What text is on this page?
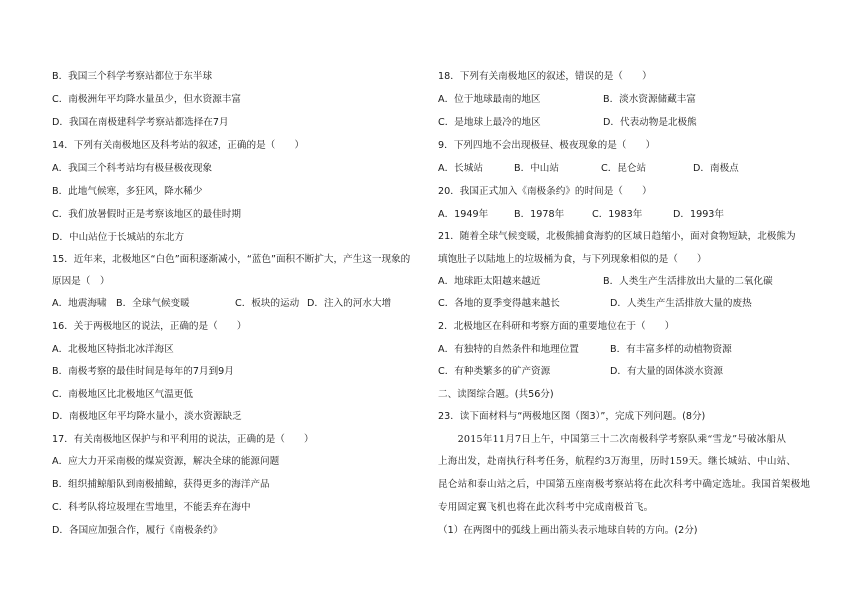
B．我国三个科学考察站都位于东半球
C．南极洲年平均降水量虽少，但水资源丰富
D．我国在南极建科学考察站都选择在7月
14．下列有关南极地区及科考站的叙述，正确的是（　　）
A．我国三个科考站均有极昼极夜现象
B．此地气候寒，多狂风，降水稀少
C．我们放暑假时正是考察该地区的最佳时期
D．中山站位于长城站的东北方
15．近年来，北极地区“白色”面积逐渐减小，“蓝色”面积不断扩大，产生这一现象的
原因是（　）
A．地震海啸 B．全球气候变暖	C．板块的运动 D．注入的河水大增
16．关于两极地区的说法，正确的是（　　）
A．北极地区特指北冰洋海区
B．南极考察的最佳时间是每年的7月到9月
C．南极地区比北极地区气温更低
D．南极地区年平均降水量小，淡水资源缺乏
17．有关南极地区保护与和平利用的说法，正确的是（　　）
A．应大力开采南极的煤炭资源，解决全球的能源问题
B．组织捕鲸船队到南极捕鲸，获得更多的海洋产品
C．科考队将垃圾埋在雪地里，不能丢弃在海中
D．各国应加强合作，履行《南极条约》
18．下列有关南极地区的叙述，错误的是（　　）
A．位于地球最南的地区	B．淡水资源储藏丰富
C．是地球上最冷的地区	D．代表动物是北极熊
9．下列四地不会出现极昼、极夜现象的是（　　）
A．长城站	B．中山站	C．昆仑站	D．南极点
20．我国正式加入《南极条约》的时间是（　　）
A．1949年	B．1978年	C．1983年	D．1993年
21．随着全球气候变暖，北极熊捕食海豹的区域日趋缩小，面对食物短缺，北极熊为
填饱肚子以陆地上的垃圾桶为食，与下列现象相似的是（　　）
A．地球距太阳越来越近	B．人类生产生活排放出大量的二氧化碳
C．各地的夏季变得越来越长	D．人类生产生活排放大量的废热
2．北极地区在科研和考察方面的重要地位在于（　　）
A．有独特的自然条件和地理位置	B．有丰富多样的动植物资源
C．有种类繁多的矿产资源	D．有大量的固体淡水资源
二、读图综合题。(共56分)
23．读下面材料与“两极地区图（图3）”，完成下列问题。(8分)
　　2015年11月7日上午，中国第三十二次南极科学考察队乘“雪龙”号破冰船从
上海出发，赴南执行科考任务，航程约3万海里，历时159天。继长城站、中山站、
昆仑站和泰山站之后，中国第五座南极考察站将在此次科考中确定选址。我国首架极地
专用固定翼飞机也将在此次科考中完成南极首飞。
（1）在两图中的弧线上画出箭头表示地球自转的方向。(2分)
